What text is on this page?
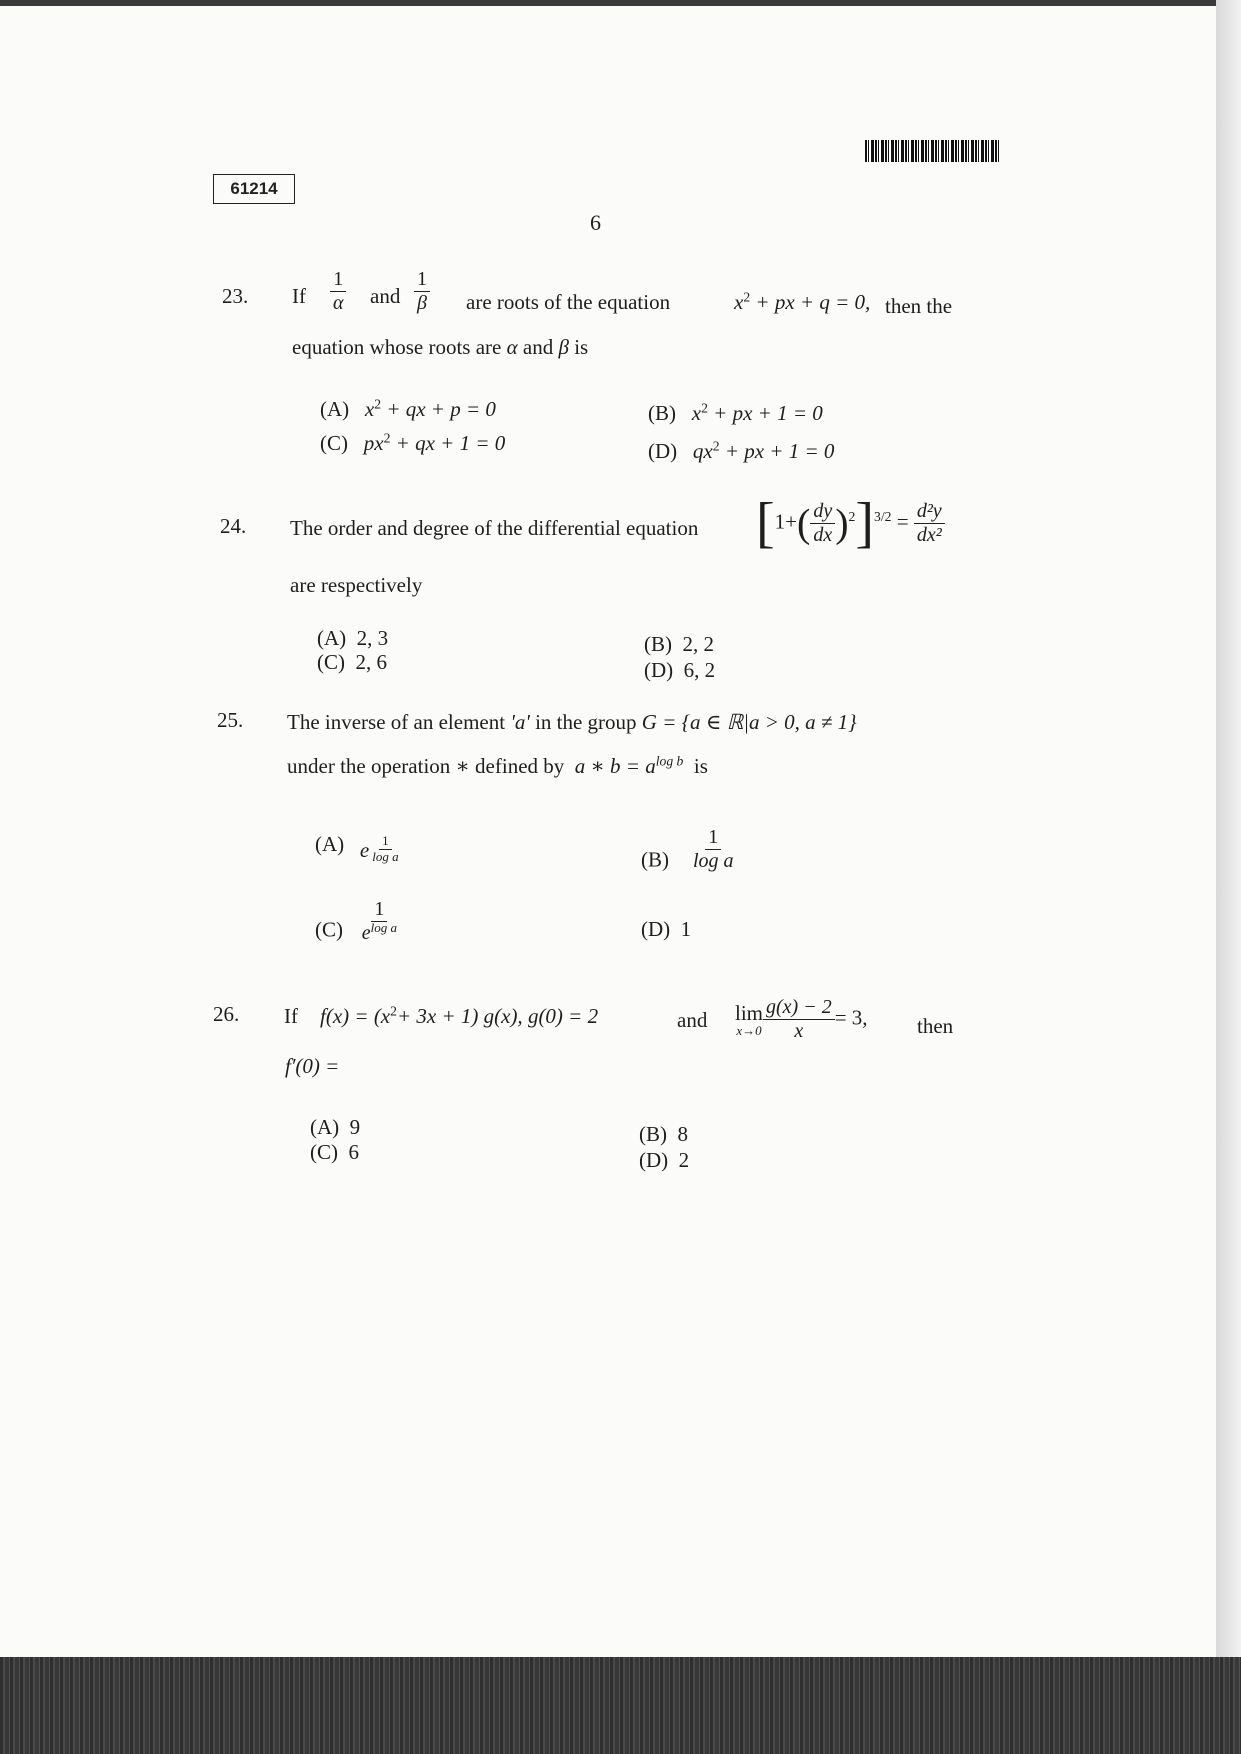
61214
6
23. If $\frac{1}{\alpha}$ and $\frac{1}{\beta}$ are roots of the equation	$x^2$ + px + q = 0, then the
equation whose roots are α and β is
(A) $x^2$ + qx + p = 0	(B) $x^2$ + px + 1 = 0
(C) $px^2$ + qx + 1 = 0	(D) $qx^2$ + px + 1 = 0
24. The order and degree of the differential equation $[1+( \frac{dy}{dx} )^2]^{3/2} = \frac{\text{d²y}}{\text{dx²}}$
are respectively
(A) 2, 3	(B) 2, 2
(C) 2, 6	(D) 6, 2
25. The inverse of an element 'a' in the group G = {a ∈ ℝ|a > 0, a ≠ 1}
under the operation ∗ defined by a ∗ $b = a^{log b}$ is
(A) e $\frac{1}{\text{log a}}$	$(B) \frac{1}{\text{log a}}$
$(C) \frac{1}{e^{log a}}$	(D) 1
26. If $f(x) = (x^2+ 3x + 1)$ g(x), g(0) = 2	and lim
$x\to 0 \frac{g(x) - 2}{x} = 3$, then
f′(0) =
(A) 9	(B) 8
(C) 6	(D) 2
